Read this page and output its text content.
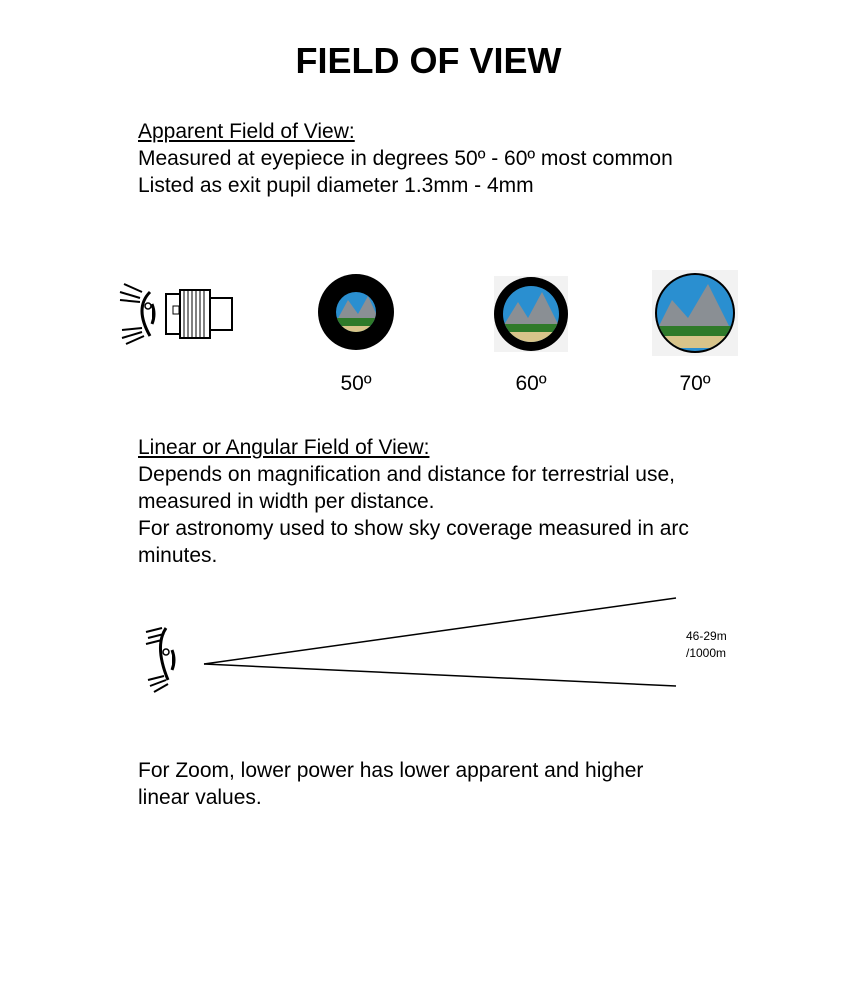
FIELD OF VIEW
Apparent Field of View:
Measured at eyepiece in degrees 50º - 60º most common
Listed as exit pupil diameter 1.3mm - 4mm
50º	60º	70º
Linear or Angular Field of View:
Depends on magnification and distance for terrestrial use,
measured in width per distance.
For astronomy used to show sky coverage measured in arc
minutes.
46-29m
/1000m
For Zoom, lower power has lower apparent and higher
linear values.
